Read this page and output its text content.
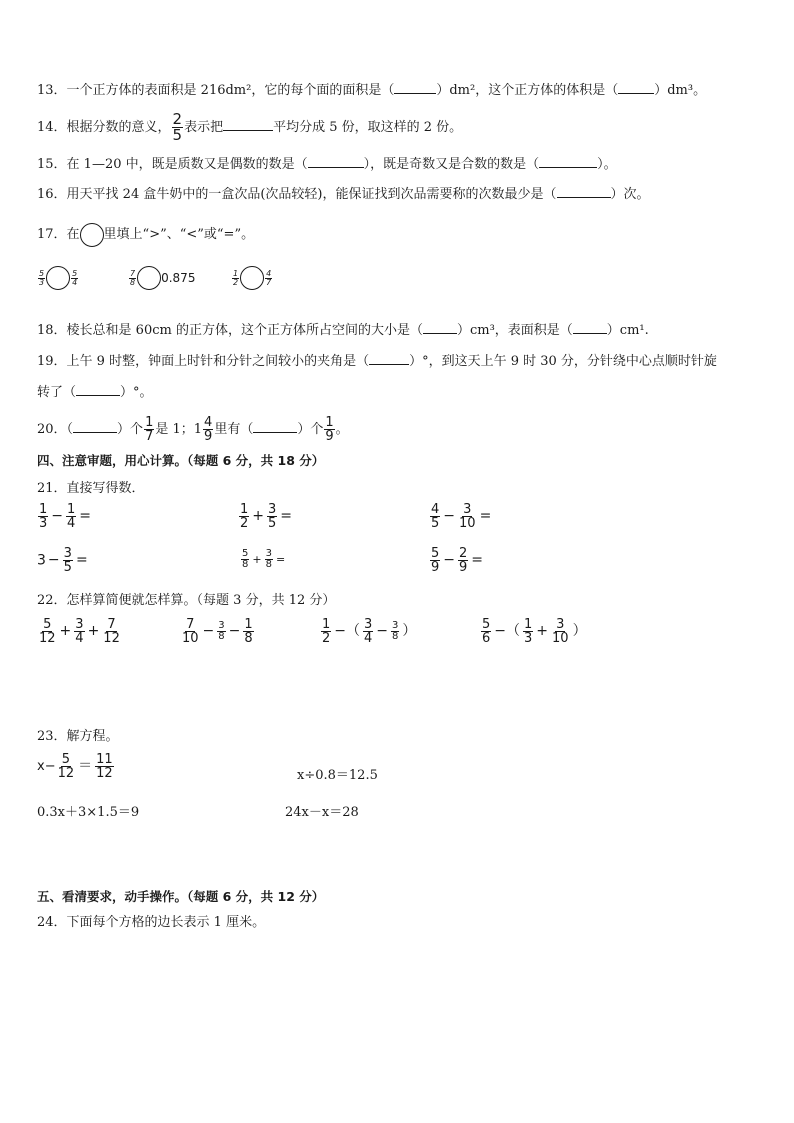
13．一个正方体的表面积是 216dm²，它的每个面的面积是（	）dm²，这个正方体的体积是（	）dm³。
14．根据分数的意义， $\frac{2}{5}$ 表示把	平均分成 5 份，取这样的 2 份。
15．在 1—20 中，既是质数又是偶数的数是（	），既是奇数又是合数的数是（	）。
16．用天平找 24 盒牛奶中的一盒次品(次品较轻)，能保证找到次品需要称的次数最少是（	）次。
17．在 里填上“>”、“<”或“=”。
$\frac{5}{3}$	$\frac{5}{4}$	$\frac{7}{8} 0.875$	$\frac{1}{2}$	$\frac{4}{7}$
18．棱长总和是 60cm 的正方体，这个正方体所占空间的大小是（	）cm³，表面积是（	）cm¹.
19．上午 9 时整，钟面上时针和分针之间较小的夹角是（	）°，到这天上午 9 时 30 分，分针绕中心点顺时针旋
转了（	）°。
20．（	）个 $\frac{1}{7}$ 是 1；$1 \frac{4}{9}$ 里有（	）个 $\frac{1}{9}$ 。
四、注意审题，用心计算。（每题 6 分，共 18 分）
21．直接写得数．
$\frac{1}{3} - \frac{1}{4}$ =	$\frac{1}{2} + \frac{3}{5}$ =	$\frac{4}{5} - \frac{3}{10}$ =
$3 - \frac{3}{5}$ =	$\frac{5}{8} + \frac{3}{8}$ =	$\frac{5}{9} - \frac{2}{9}$ =
22．怎样算简便就怎样算。（每题 3 分，共 12 分）
$\frac{5}{12} + \frac{3}{4} + \frac{7}{12}$	$\frac{7}{10} - \frac{3}{8} - \frac{1}{8}$	$\frac{1}{2}$ −（ $\frac{3}{4} - \frac{3}{8}$ ）	$\frac{5}{6}$ −（ $\frac{1}{3} + \frac{3}{10}$ ）
23．解方程。
$x- \frac{5}{12} = \frac{11}{12}$	x÷0.8＝12.5
0.3x＋3×1.5＝9	24x－x＝28
五、看清要求，动手操作。（每题 6 分，共 12 分）
24．下面每个方格的边长表示 1 厘米。
